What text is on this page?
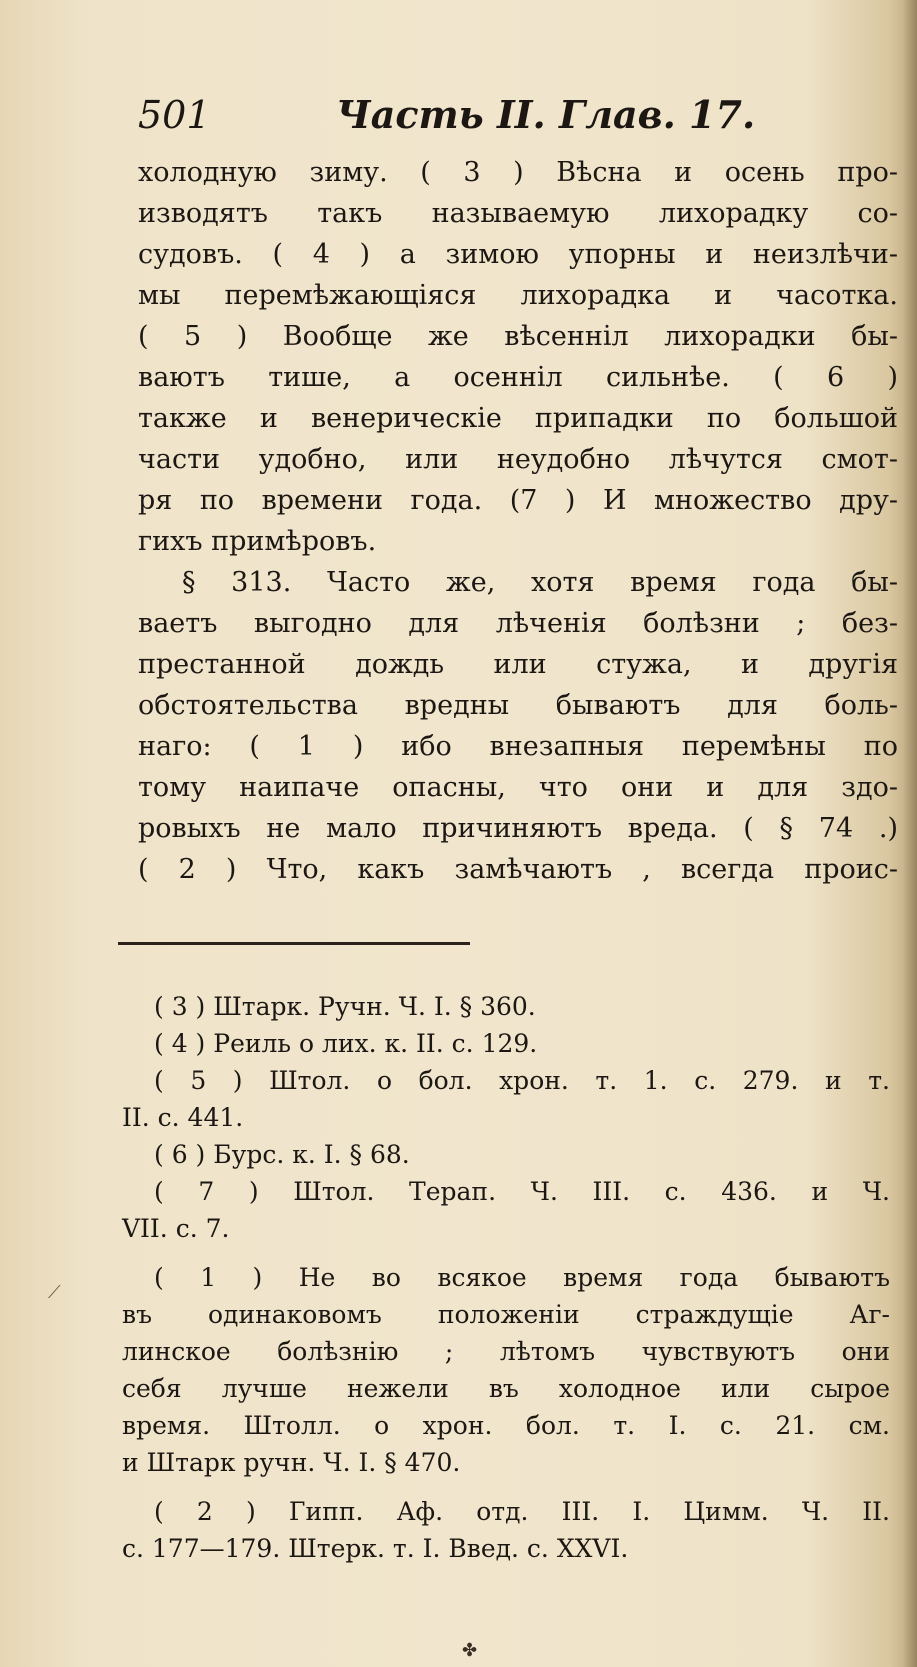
501	Часть II. Глав. 17.
холодную зиму. ( 3 ) Вѣсна и осень про-
изводятъ такъ называемую лихорадку со-
судовъ. ( 4 ) а зимою упорны и неизлѣчи-
мы перемѣжающіяся лихорадка и часотка.
( 5 ) Вообще же вѣсенніл лихорадки бы-
ваютъ тише, а осенніл сильнѣе. ( 6 )
также и венерическіе припадки по большой
части удобно, или неудобно лѣчутся смот-
ря по времени года. (7 ) И множество дру-
гихъ примѣровъ.
§ 313. Часто же, хотя время года бы-
ваетъ выгодно для лѣченія болѣзни ; без-
престанной дождь или стужа, и другія
обстоятельства вредны бываютъ для боль-
наго: ( 1 ) ибо внезапныя перемѣны по
тому наипаче опасны, что они и для здо-
ровыхъ не мало причиняютъ вреда. ( § 74 .)
( 2 ) Что, какъ замѣчаютъ , всегда проис-
( 3 ) Штарк. Ручн. Ч. I. § 360.
( 4 ) Реиль о лих. к. II. с. 129.
( 5 ) Штол. о бол. хрон. т. 1. с. 279. и т.
II. с. 441.
( 6 ) Бурс. к. I. § 68.
( 7 ) Штол. Терап. Ч. III. с. 436. и Ч.
VII. с. 7.
( 1 ) Не во всякое время года бываютъ
въ одинаковомъ положеніи страждущіе Аг-
линское болѣзнію ; лѣтомъ чувствуютъ они
себя лучше нежели въ холодное или сырое
время. Штолл. о хрон. бол. т. I. с. 21. см.
и Штарк ручн. Ч. I. § 470.
( 2 ) Гипп. Аф. отд. III. I. Цимм. Ч. II.
с. 177—179. Штерк. т. I. Введ. с. XXVI.
⟋
✤
